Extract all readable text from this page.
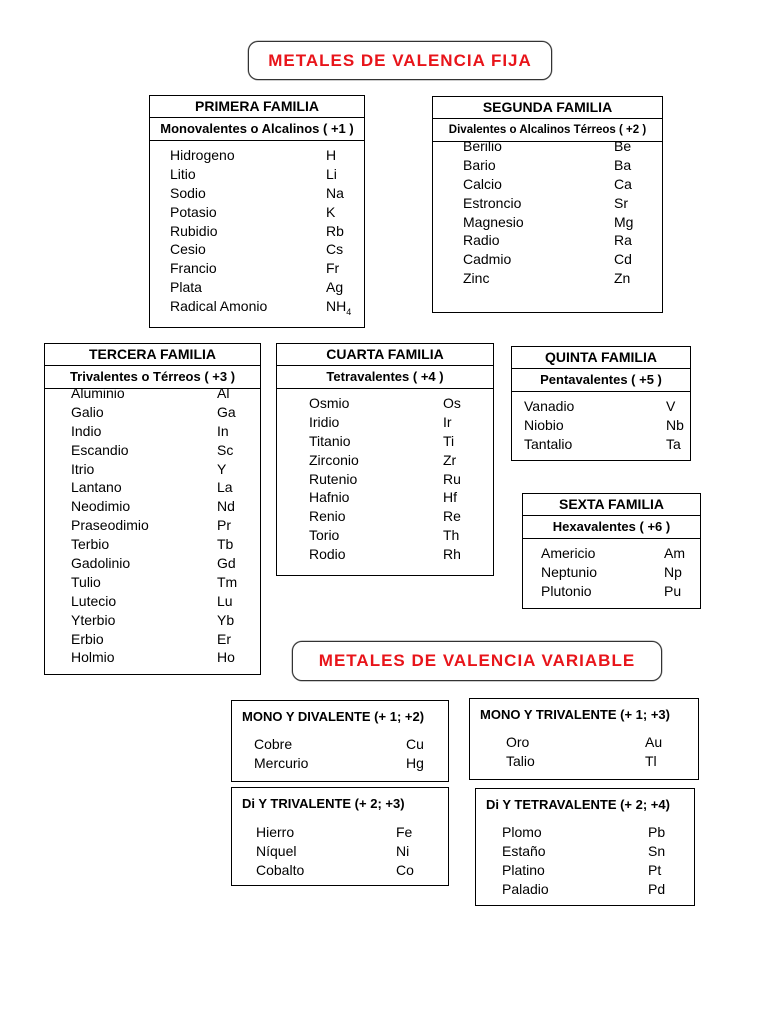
METALES DE VALENCIA FIJA
METALES DE VALENCIA VARIABLE
PRIMERA FAMILIA
Monovalentes o Alcalinos ( +1 )
Hidrogeno	H
Litio	Li
Sodio	Na
Potasio	K
Rubidio	Rb
Cesio	Cs
Francio	Fr
Plata	Ag
Radical Amonio	$NH_4$
SEGUNDA FAMILIA
Divalentes o Alcalinos Térreos ( +2 )
Berilio	Be
Bario	Ba
Calcio	Ca
Estroncio	Sr
Magnesio	Mg
Radio	Ra
Cadmio	Cd
Zinc	Zn
TERCERA FAMILIA
Trivalentes o Térreos ( +3 )
Aluminio	Al
Galio	Ga
Indio	In
Escandio	Sc
Itrio	Y
Lantano	La
Neodimio	Nd
Praseodimio	Pr
Terbio	Tb
Gadolinio	Gd
Tulio	Tm
Lutecio	Lu
Yterbio	Yb
Erbio	Er
Holmio	Ho
CUARTA FAMILIA
Tetravalentes ( +4 )
Osmio	Os
Iridio	Ir
Titanio	Ti
Zirconio	Zr
Rutenio	Ru
Hafnio	Hf
Renio	Re
Torio	Th
Rodio	Rh
QUINTA FAMILIA
Pentavalentes ( +5 )
Vanadio	V
Niobio	Nb
Tantalio	Ta
SEXTA FAMILIA
Hexavalentes ( +6 )
Americio	Am
Neptunio	Np
Plutonio	Pu
MONO Y DIVALENTE (+ 1; +2)
Cobre	Cu
Mercurio	Hg
MONO Y TRIVALENTE (+ 1; +3)
Oro	Au
Talio	Tl
Di Y TRIVALENTE (+ 2; +3)
Hierro	Fe
Níquel	Ni
Cobalto	Co
Di Y TETRAVALENTE (+ 2; +4)
Plomo	Pb
Estaño	Sn
Platino	Pt
Paladio	Pd
